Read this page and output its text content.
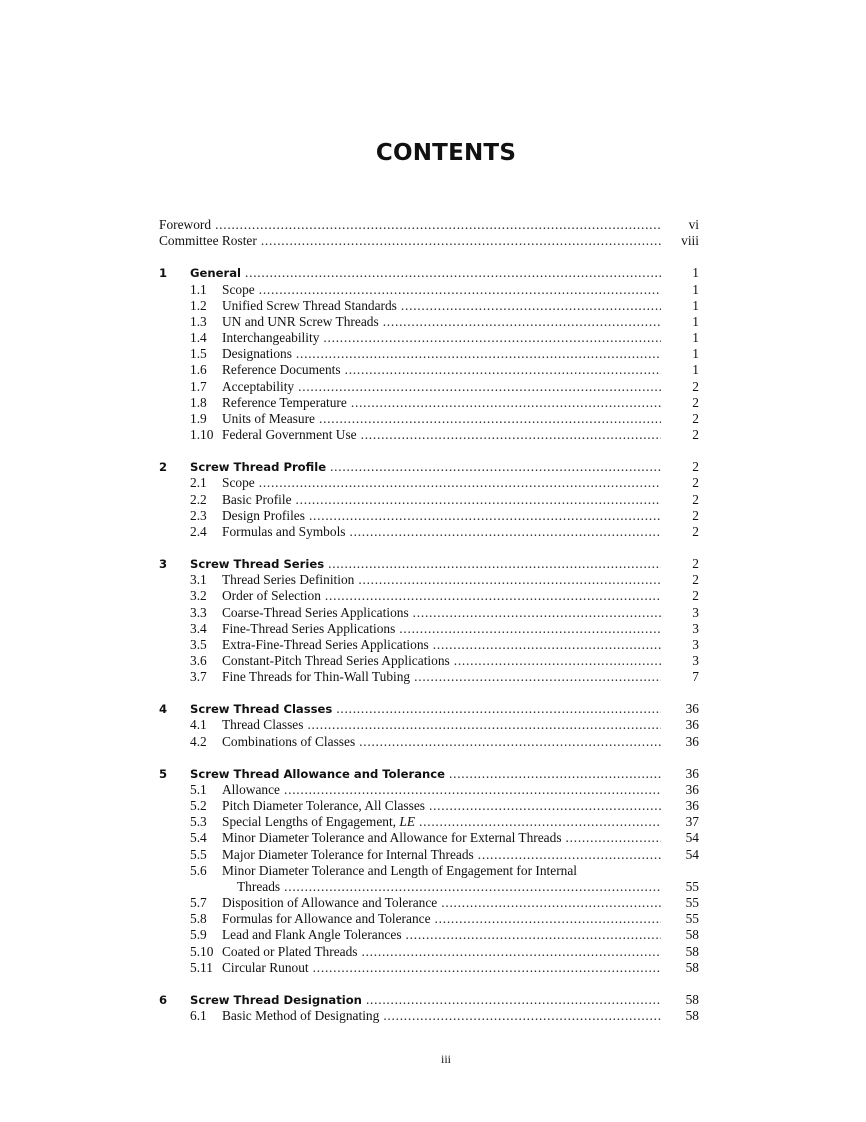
CONTENTS
Foreword . . .	vi
Committee Roster . . .	viii
1	General . . .	1
1.1	Scope . . .	1
1.2	Unified Screw Thread Standards . . .	1
1.3	UN and UNR Screw Threads . . .	1
1.4	Interchangeability . . .	1
1.5	Designations . . .	1
1.6	Reference Documents . . .	1
1.7	Acceptability . . .	2
1.8	Reference Temperature . . .	2
1.9	Units of Measure . . .	2
1.10 Federal Government Use . . .	2
2	Screw Thread Profile . . .	2
2.1	Scope . . .	2
2.2	Basic Profile . . .	2
2.3	Design Profiles . . .	2
2.4	Formulas and Symbols . . .	2
3	Screw Thread Series . . .	2
3.1	Thread Series Definition . . .	2
3.2	Order of Selection . . .	2
3.3	Coarse-Thread Series Applications . . .	3
3.4	Fine-Thread Series Applications . . .	3
3.5	Extra-Fine-Thread Series Applications . . .	3
3.6	Constant-Pitch Thread Series Applications . . .	3
3.7	Fine Threads for Thin-Wall Tubing . . .	7
4	Screw Thread Classes . . .	36
4.1	Thread Classes . . .	36
4.2	Combinations of Classes . . .	36
5	Screw Thread Allowance and Tolerance . . .	36
5.1	Allowance . . .	36
5.2	Pitch Diameter Tolerance, All Classes . . .	36
5.3	Special Lengths of Engagement, LE . . .	37
5.4	Minor Diameter Tolerance and Allowance for External Threads . . .	54
5.5	Major Diameter Tolerance for Internal Threads . . .	54
5.6	Minor Diameter Tolerance and Length of Engagement for Internal
Threads . . .	55
5.7	Disposition of Allowance and Tolerance . . .	55
5.8	Formulas for Allowance and Tolerance . . .	55
5.9	Lead and Flank Angle Tolerances . . .	58
5.10 Coated or Plated Threads . . .	58
5.11 Circular Runout . . .	58
6	Screw Thread Designation . . .	58
6.1	Basic Method of Designating . . .	58
iii
